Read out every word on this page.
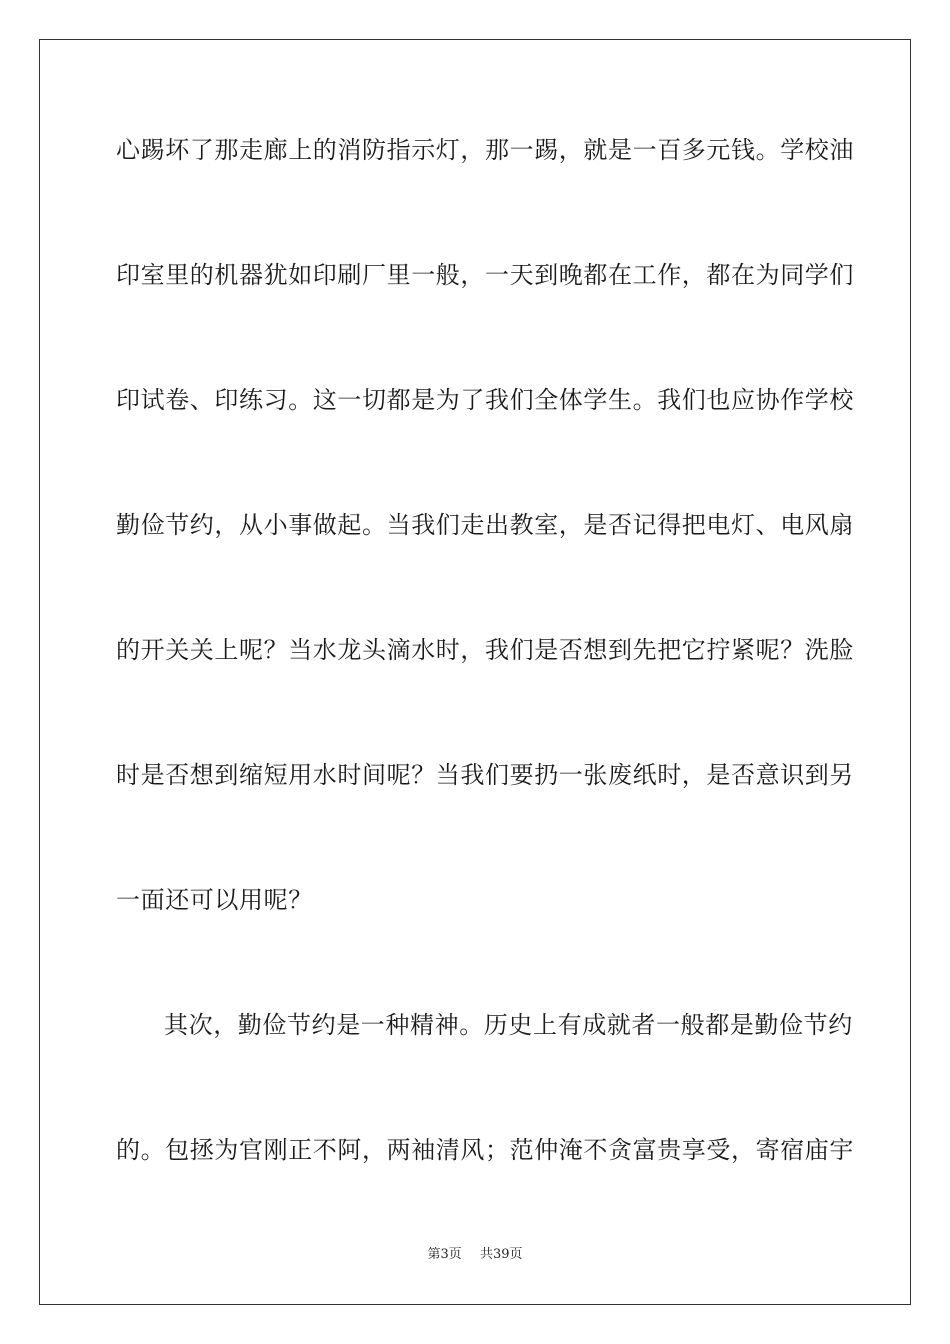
心踢坏了那走廊上的消防指示灯，那一踢，就是一百多元钱。学校油
印室里的机器犹如印刷厂里一般，一天到晚都在工作，都在为同学们
印试卷、印练习。这一切都是为了我们全体学生。我们也应协作学校
勤俭节约，从小事做起。当我们走出教室，是否记得把电灯、电风扇
的开关关上呢？当水龙头滴水时，我们是否想到先把它拧紧呢？洗脸
时是否想到缩短用水时间呢？当我们要扔一张废纸时，是否意识到另
一面还可以用呢？
其次，勤俭节约是一种精神。历史上有成就者一般都是勤俭节约
的。包拯为官刚正不阿，两袖清风；范仲淹不贪富贵享受，寄宿庙宇
第3页 共39页
